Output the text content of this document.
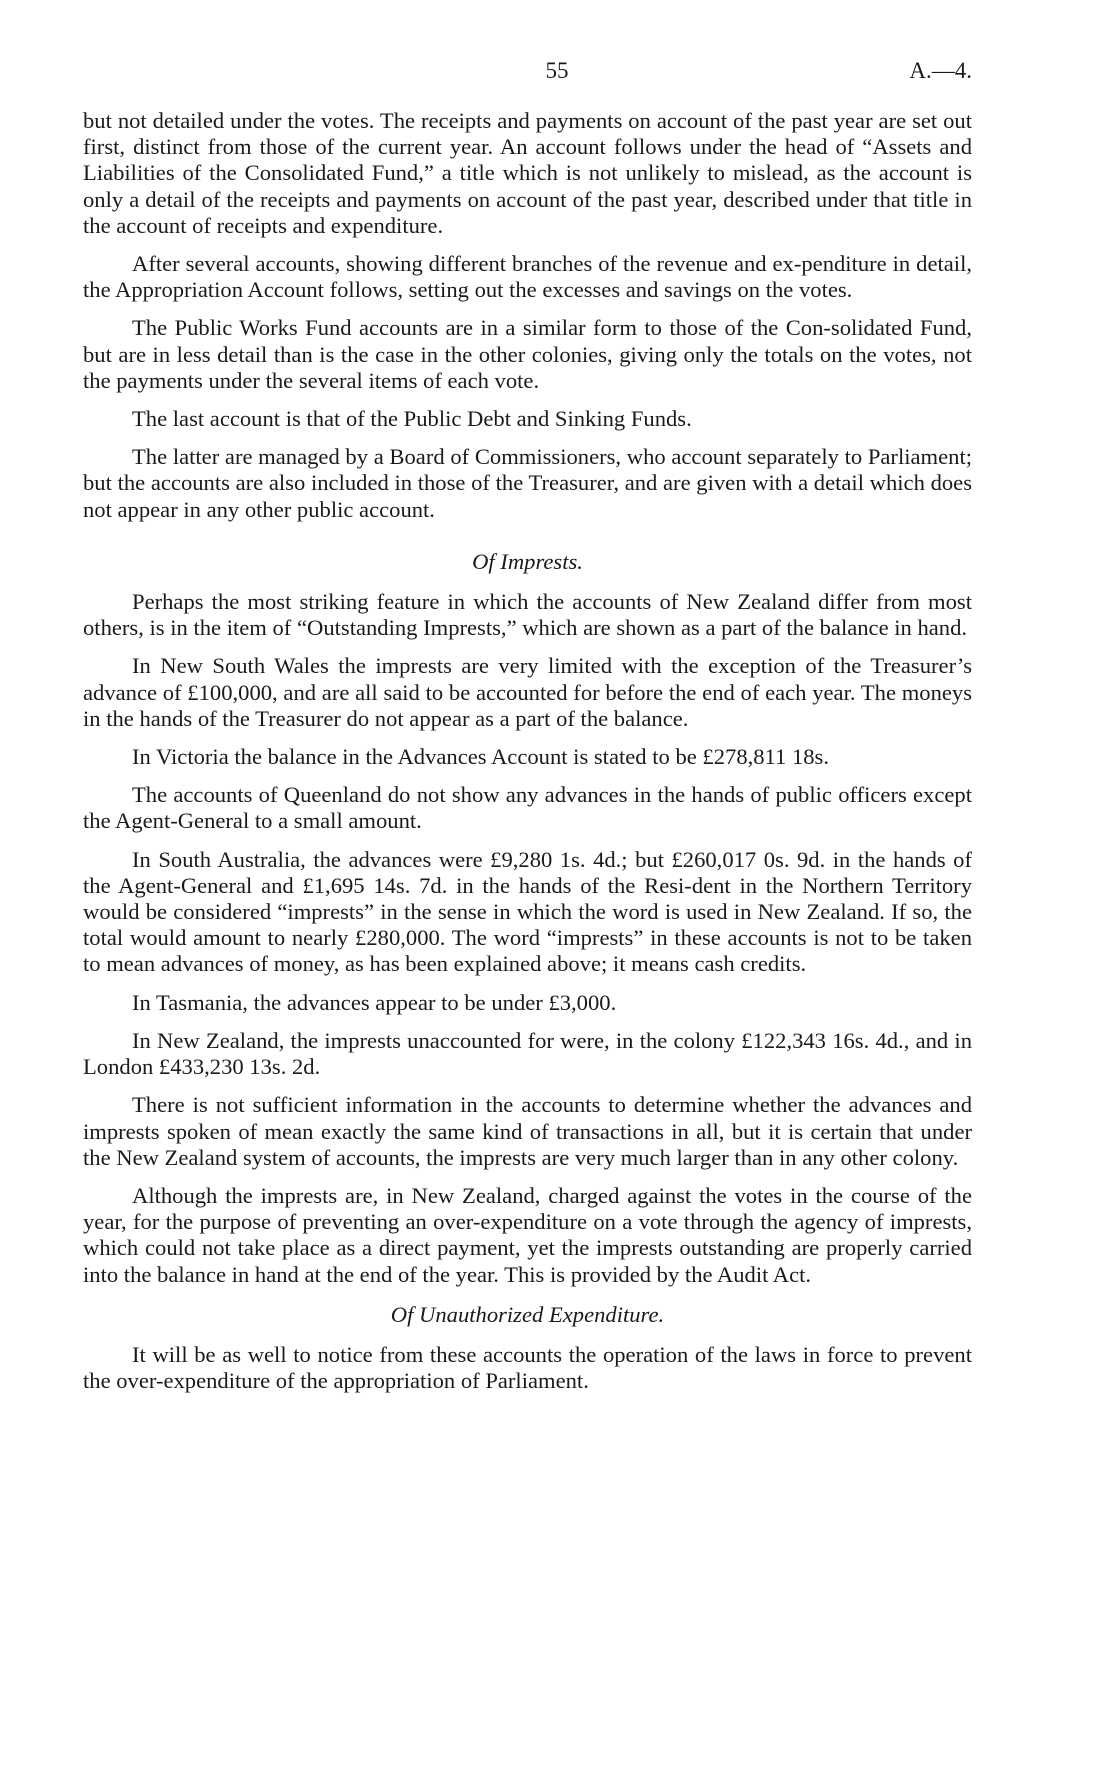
55	A.—4.

but not detailed under the votes. The receipts and payments on account of the past year are set out first, distinct from those of the current year. An account follows under the head of “Assets and Liabilities of the Consolidated Fund,” a title which is not unlikely to mislead, as the account is only a detail of the receipts and payments on account of the past year, described under that title in the account of receipts and expenditure.

After several accounts, showing different branches of the revenue and ex-penditure in detail, the Appropriation Account follows, setting out the excesses and savings on the votes.

The Public Works Fund accounts are in a similar form to those of the Con-solidated Fund, but are in less detail than is the case in the other colonies, giving only the totals on the votes, not the payments under the several items of each vote.

The last account is that of the Public Debt and Sinking Funds.

The latter are managed by a Board of Commissioners, who account separately to Parliament; but the accounts are also included in those of the Treasurer, and are given with a detail which does not appear in any other public account.

Of Imprests.

Perhaps the most striking feature in which the accounts of New Zealand differ from most others, is in the item of “Outstanding Imprests,” which are shown as a part of the balance in hand.

In New South Wales the imprests are very limited with the exception of the Treasurer’s advance of £100,000, and are all said to be accounted for before the end of each year. The moneys in the hands of the Treasurer do not appear as a part of the balance.

In Victoria the balance in the Advances Account is stated to be £278,811 18s.

The accounts of Queenland do not show any advances in the hands of public officers except the Agent-General to a small amount.

In South Australia, the advances were £9,280 1s. 4d.; but £260,017 0s. 9d. in the hands of the Agent-General and £1,695 14s. 7d. in the hands of the Resi-dent in the Northern Territory would be considered “imprests” in the sense in which the word is used in New Zealand. If so, the total would amount to nearly £280,000. The word “imprests” in these accounts is not to be taken to mean advances of money, as has been explained above; it means cash credits.

In Tasmania, the advances appear to be under £3,000.

In New Zealand, the imprests unaccounted for were, in the colony £122,343 16s. 4d., and in London £433,230 13s. 2d.

There is not sufficient information in the accounts to determine whether the advances and imprests spoken of mean exactly the same kind of transactions in all, but it is certain that under the New Zealand system of accounts, the imprests are very much larger than in any other colony.

Although the imprests are, in New Zealand, charged against the votes in the course of the year, for the purpose of preventing an over-expenditure on a vote through the agency of imprests, which could not take place as a direct payment, yet the imprests outstanding are properly carried into the balance in hand at the end of the year. This is provided by the Audit Act.

Of Unauthorized Expenditure.

It will be as well to notice from these accounts the operation of the laws in force to prevent the over-expenditure of the appropriation of Parliament.
